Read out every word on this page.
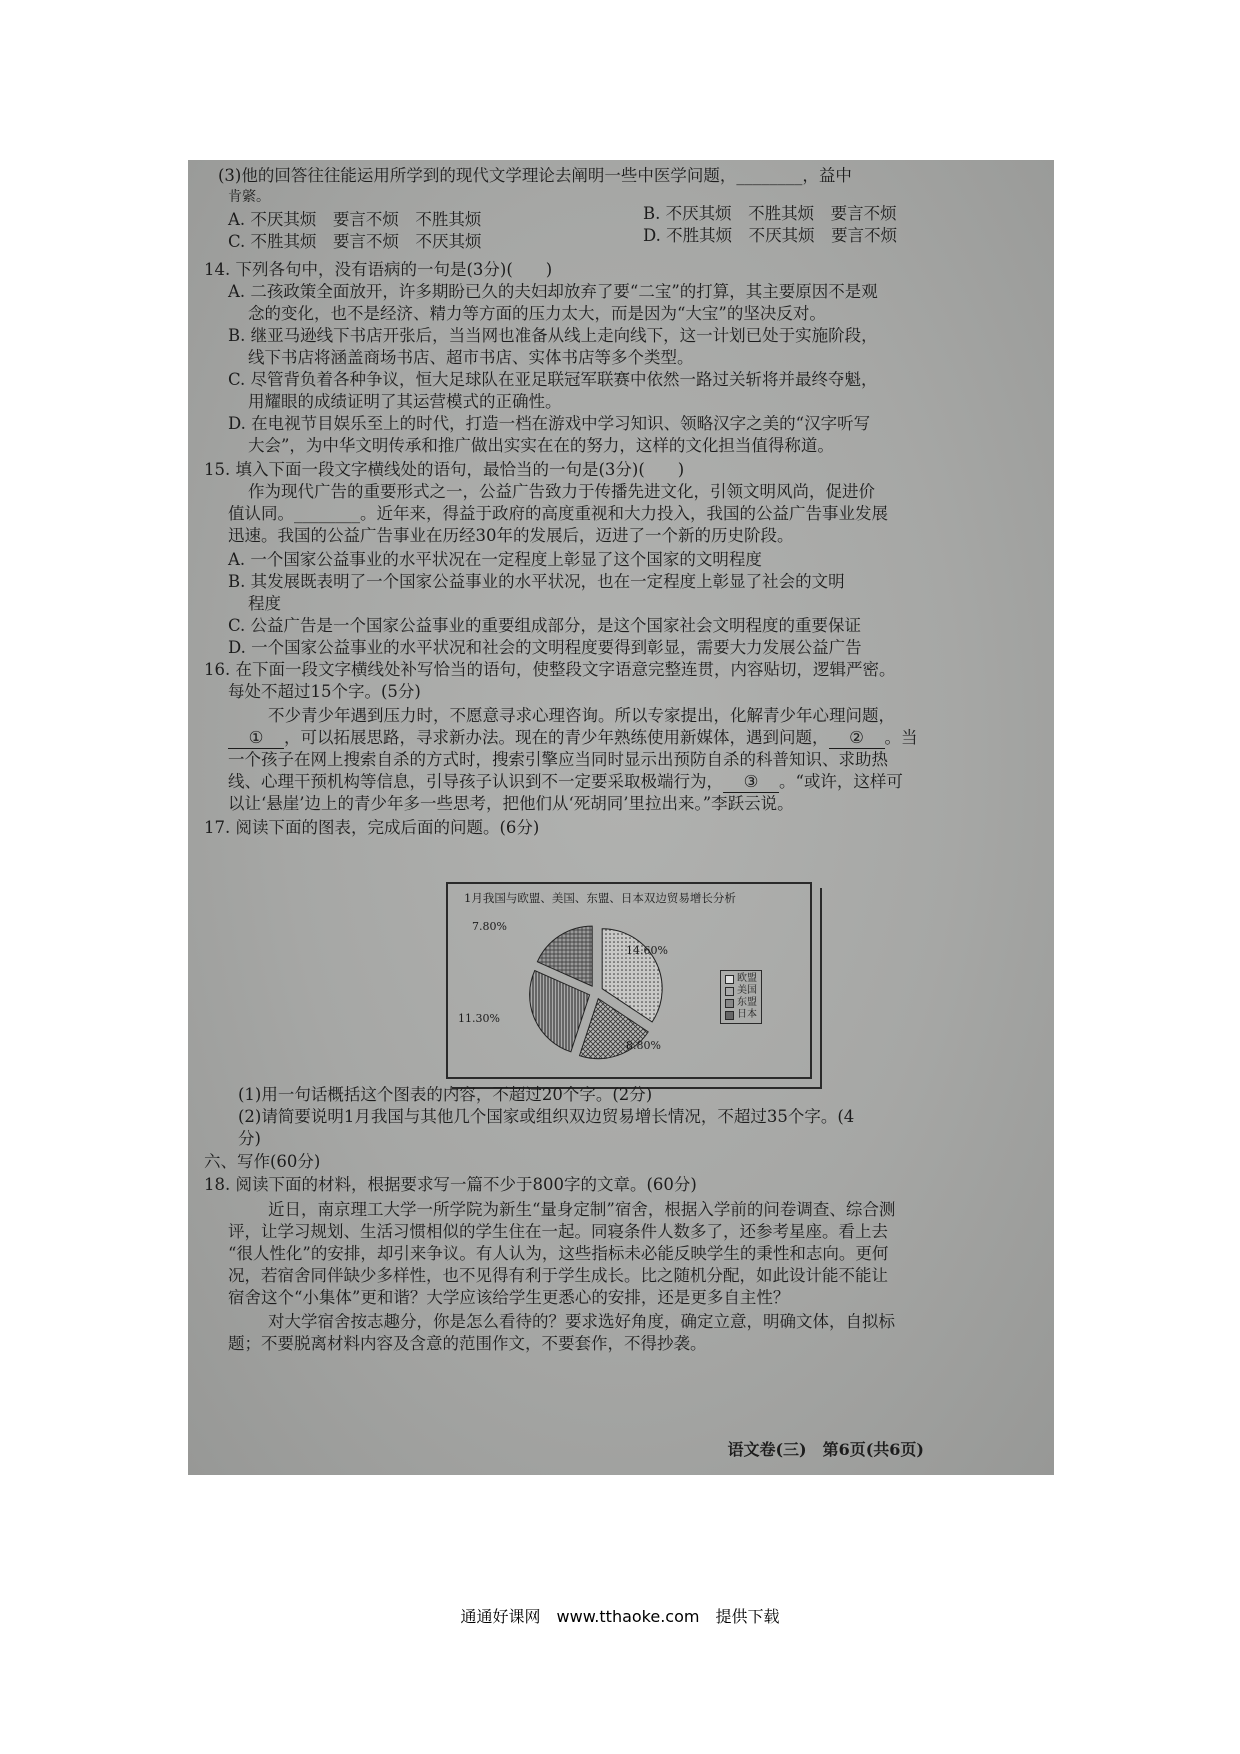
(3)他的回答往往能运用所学到的现代文学理论去阐明一些中医学问题，________，益中
肯綮。
A. 不厌其烦　要言不烦　不胜其烦	B. 不厌其烦　不胜其烦　要言不烦
C. 不胜其烦　要言不烦　不厌其烦	D. 不胜其烦　不厌其烦　要言不烦
14. 下列各句中，没有语病的一句是(3分)(　　)
A. 二孩政策全面放开，许多期盼已久的夫妇却放弃了要“二宝”的打算，其主要原因不是观
念的变化，也不是经济、精力等方面的压力太大，而是因为“大宝”的坚决反对。
B. 继亚马逊线下书店开张后，当当网也准备从线上走向线下，这一计划已处于实施阶段，
线下书店将涵盖商场书店、超市书店、实体书店等多个类型。
C. 尽管背负着各种争议，恒大足球队在亚足联冠军联赛中依然一路过关斩将并最终夺魁，
用耀眼的成绩证明了其运营模式的正确性。
D. 在电视节目娱乐至上的时代，打造一档在游戏中学习知识、领略汉字之美的“汉字听写
大会”，为中华文明传承和推广做出实实在在的努力，这样的文化担当值得称道。
15. 填入下面一段文字横线处的语句，最恰当的一句是(3分)(　　)
作为现代广告的重要形式之一，公益广告致力于传播先进文化，引领文明风尚，促进价
值认同。________。近年来，得益于政府的高度重视和大力投入，我国的公益广告事业发展
迅速。我国的公益广告事业在历经30年的发展后，迈进了一个新的历史阶段。
A. 一个国家公益事业的水平状况在一定程度上彰显了这个国家的文明程度
B. 其发展既表明了一个国家公益事业的水平状况，也在一定程度上彰显了社会的文明
程度
C. 公益广告是一个国家公益事业的重要组成部分，是这个国家社会文明程度的重要保证
D. 一个国家公益事业的水平状况和社会的文明程度要得到彰显，需要大力发展公益广告
16. 在下面一段文字横线处补写恰当的语句，使整段文字语意完整连贯，内容贴切，逻辑严密。
每处不超过15个字。(5分)
不少青少年遇到压力时，不愿意寻求心理咨询。所以专家提出，化解青少年心理问题，
① ，可以拓展思路，寻求新办法。现在的青少年熟练使用新媒体，遇到问题， ② 。当
一个孩子在网上搜索自杀的方式时，搜索引擎应当同时显示出预防自杀的科普知识、求助热
线、心理干预机构等信息，引导孩子认识到不一定要采取极端行为， ③ 。“或许，这样可
以让‘悬崖’边上的青少年多一些思考，把他们从‘死胡同’里拉出来。”李跃云说。
17. 阅读下面的图表，完成后面的问题。(6分)
1月我国与欧盟、美国、东盟、日本双边贸易增长分析
7.80%
14.60%
11.30%
8.80%
欧盟
美国
东盟
日本
(1)用一句话概括这个图表的内容，不超过20个字。(2分)
(2)请简要说明1月我国与其他几个国家或组织双边贸易增长情况，不超过35个字。(4
分)
六、写作(60分)
18. 阅读下面的材料，根据要求写一篇不少于800字的文章。(60分)
近日，南京理工大学一所学院为新生“量身定制”宿舍，根据入学前的问卷调查、综合测
评，让学习规划、生活习惯相似的学生住在一起。同寝条件人数多了，还参考星座。看上去
“很人性化”的安排，却引来争议。有人认为，这些指标未必能反映学生的秉性和志向。更何
况，若宿舍同伴缺少多样性，也不见得有利于学生成长。比之随机分配，如此设计能不能让
宿舍这个“小集体”更和谐？大学应该给学生更悉心的安排，还是更多自主性？
对大学宿舍按志趣分，你是怎么看待的？要求选好角度，确定立意，明确文体，自拟标
题；不要脱离材料内容及含意的范围作文，不要套作，不得抄袭。
语文卷(三)　第6页(共6页)
通通好课网　www.tthaoke.com　提供下载
